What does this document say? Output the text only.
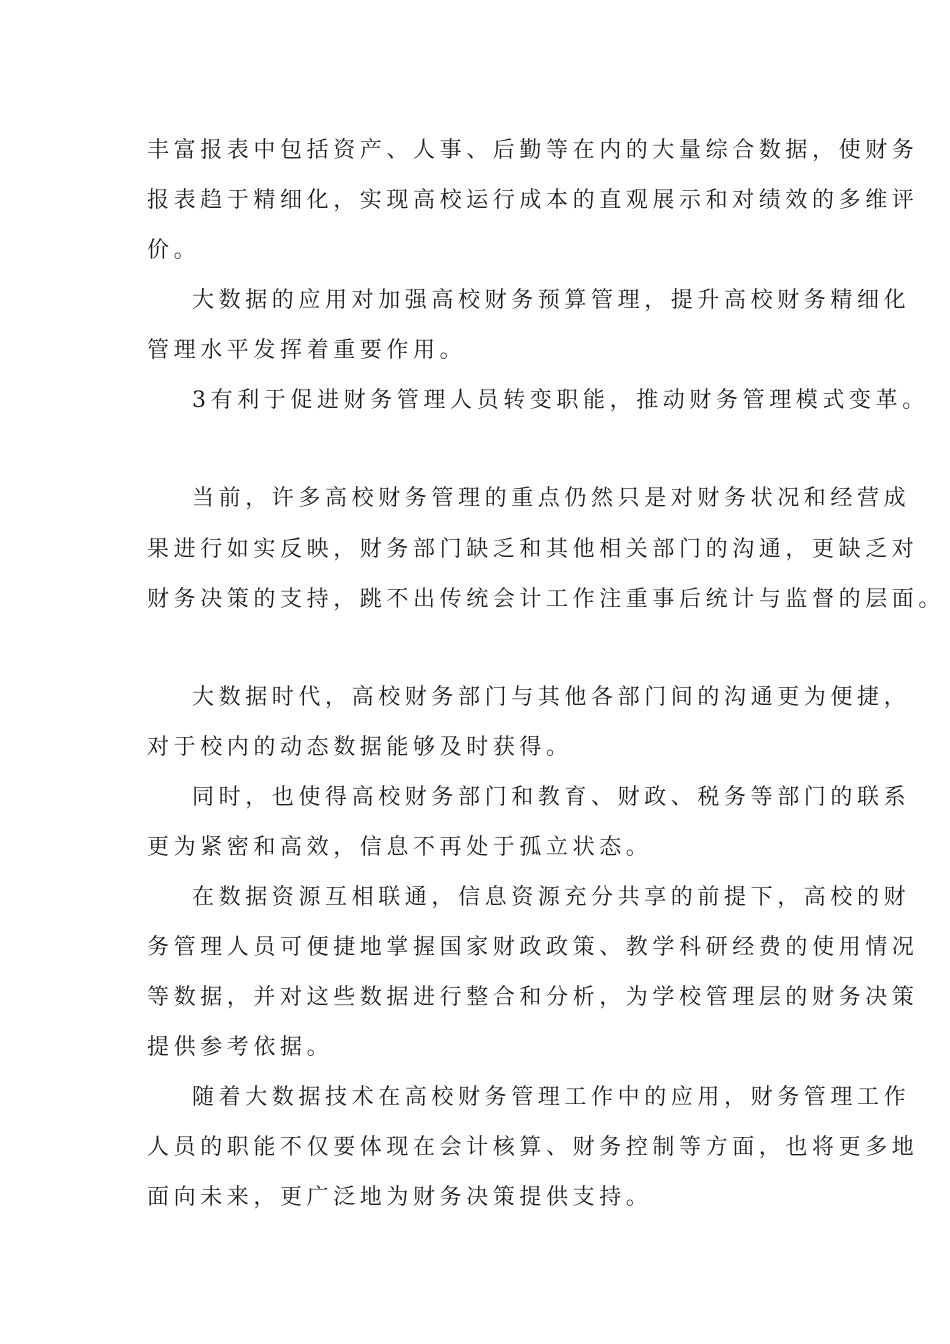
丰富报表中包括资产、人事、后勤等在内的大量综合数据，使财务
报表趋于精细化，实现高校运行成本的直观展示和对绩效的多维评
价。
大数据的应用对加强高校财务预算管理，提升高校财务精细化
管理水平发挥着重要作用。
3有利于促进财务管理人员转变职能，推动财务管理模式变革。
当前，许多高校财务管理的重点仍然只是对财务状况和经营成
果进行如实反映，财务部门缺乏和其他相关部门的沟通，更缺乏对
财务决策的支持，跳不出传统会计工作注重事后统计与监督的层面。
大数据时代，高校财务部门与其他各部门间的沟通更为便捷，
对于校内的动态数据能够及时获得。
同时，也使得高校财务部门和教育、财政、税务等部门的联系
更为紧密和高效，信息不再处于孤立状态。
在数据资源互相联通，信息资源充分共享的前提下，高校的财
务管理人员可便捷地掌握国家财政政策、教学科研经费的使用情况
等数据，并对这些数据进行整合和分析，为学校管理层的财务决策
提供参考依据。
随着大数据技术在高校财务管理工作中的应用，财务管理工作
人员的职能不仅要体现在会计核算、财务控制等方面，也将更多地
面向未来，更广泛地为财务决策提供支持。
